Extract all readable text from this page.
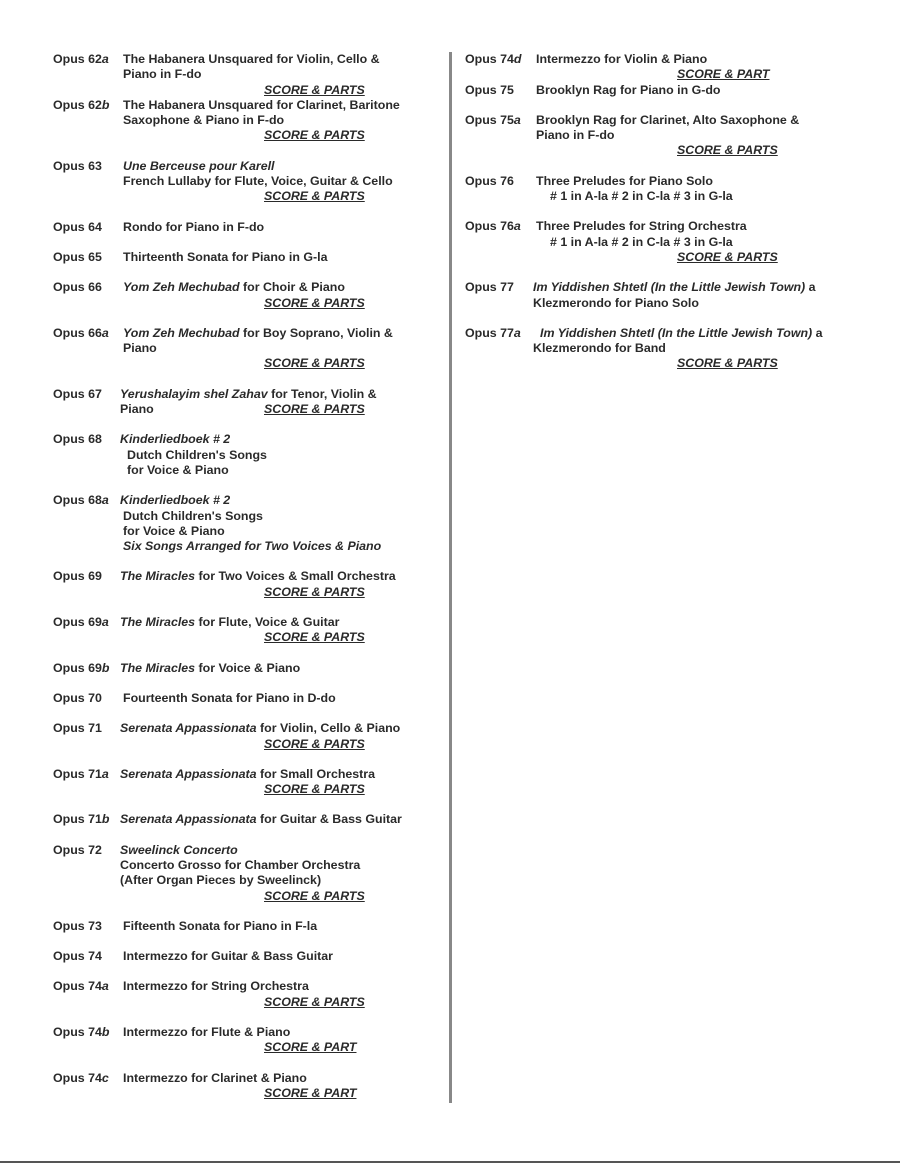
Opus 62a The Habanera Unsquared for Violin, Cello &
Piano in F-do
SCORE & PARTS
Opus 62b The Habanera Unsquared for Clarinet, Baritone
Saxophone & Piano in F-do
SCORE & PARTS
Opus 63 Une Berceuse pour Karell
French Lullaby for Flute, Voice, Guitar & Cello
SCORE & PARTS
Opus 64 Rondo for Piano in F-do
Opus 65 Thirteenth Sonata for Piano in G-la
Opus 66 Yom Zeh Mechubad for Choir & Piano
SCORE & PARTS
Opus 66a Yom Zeh Mechubad for Boy Soprano, Violin &
Piano
SCORE & PARTS
Opus 67 Yerushalayim shel Zahav for Tenor, Violin &
Piano	SCORE & PARTS
Opus 68 Kinderliedboek # 2
Dutch Children's Songs
for Voice & Piano
Opus 68a Kinderliedboek # 2
Dutch Children's Songs
for Voice & Piano
Six Songs Arranged for Two Voices & Piano
Opus 69 The Miracles for Two Voices & Small Orchestra
SCORE & PARTS
Opus 69a The Miracles for Flute, Voice & Guitar
SCORE & PARTS
Opus 69b The Miracles for Voice & Piano
Opus 70 Fourteenth Sonata for Piano in D-do
Opus 71 Serenata Appassionata for Violin, Cello & Piano
SCORE & PARTS
Opus 71a Serenata Appassionata for Small Orchestra
SCORE & PARTS
Opus 71b Serenata Appassionata for Guitar & Bass Guitar
Opus 72 Sweelinck Concerto
Concerto Grosso for Chamber Orchestra
(After Organ Pieces by Sweelinck)
SCORE & PARTS
Opus 73 Fifteenth Sonata for Piano in F-la
Opus 74 Intermezzo for Guitar & Bass Guitar
Opus 74a Intermezzo for String Orchestra
SCORE & PARTS
Opus 74b Intermezzo for Flute & Piano
SCORE & PART
Opus 74c Intermezzo for Clarinet & Piano
SCORE & PART
Opus 74d Intermezzo for Violin & Piano
SCORE & PART
Opus 75 Brooklyn Rag for Piano in G-do
Opus 75a Brooklyn Rag for Clarinet, Alto Saxophone &
Piano in F-do
SCORE & PARTS
Opus 76 Three Preludes for Piano Solo
# 1 in A-la # 2 in C-la # 3 in G-la
Opus 76a Three Preludes for String Orchestra
# 1 in A-la # 2 in C-la # 3 in G-la
SCORE & PARTS
Opus 77 Im Yiddishen Shtetl (In the Little Jewish Town) a
Klezmerondo for Piano Solo
Opus 77a Im Yiddishen Shtetl (In the Little Jewish Town) a
Klezmerondo for Band
SCORE & PARTS
